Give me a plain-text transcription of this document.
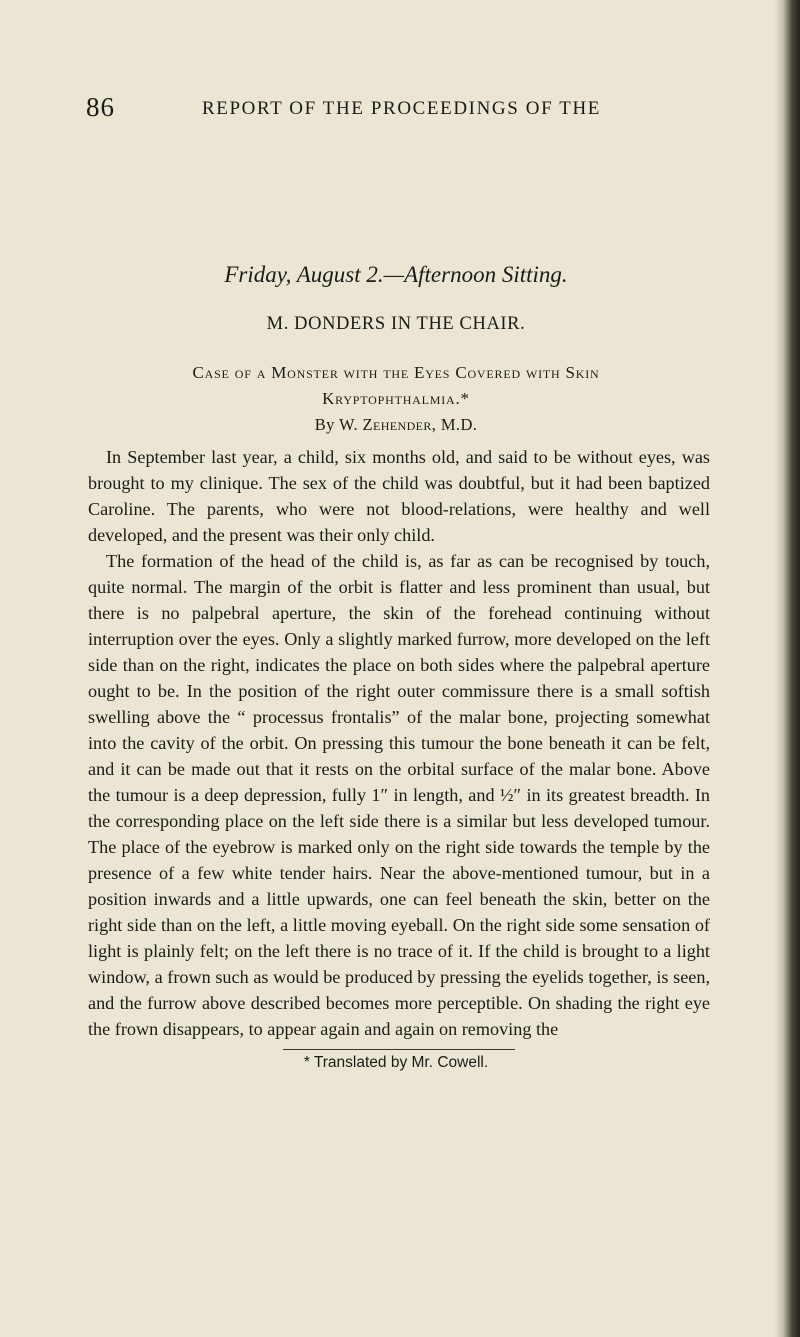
86	REPORT OF THE PROCEEDINGS OF THE
Friday, August 2.—Afternoon Sitting.
M. DONDERS IN THE CHAIR.
Case of a Monster with the Eyes Covered with Skin
Kryptophthalmia.*
By W. Zehender, M.D.

In September last year, a child, six months old, and said to be without eyes, was brought to my clinique. The sex of the child was doubtful, but it had been baptized Caroline. The parents, who were not blood-relations, were healthy and well developed, and the present was their only child.

The formation of the head of the child is, as far as can be recognised by touch, quite normal. The margin of the orbit is flatter and less prominent than usual, but there is no palpebral aperture, the skin of the forehead continuing without interruption over the eyes. Only a slightly marked furrow, more developed on the left side than on the right, indicates the place on both sides where the palpebral aperture ought to be. In the position of the right outer commissure there is a small softish swelling above the “ processus frontalis” of the malar bone, projecting somewhat into the cavity of the orbit. On pressing this tumour the bone beneath it can be felt, and it can be made out that it rests on the orbital surface of the malar bone. Above the tumour is a deep depression, fully 1″ in length, and ½″ in its greatest breadth. In the corresponding place on the left side there is a similar but less developed tumour. The place of the eyebrow is marked only on the right side towards the temple by the presence of a few white tender hairs. Near the above-mentioned tumour, but in a position inwards and a little upwards, one can feel beneath the skin, better on the right side than on the left, a little moving eyeball. On the right side some sensation of light is plainly felt; on the left there is no trace of it. If the child is brought to a light window, a frown such as would be produced by pressing the eyelids together, is seen, and the furrow above described becomes more perceptible. On shading the right eye the frown disappears, to appear again and again on removing the

* Translated by Mr. Cowell.
